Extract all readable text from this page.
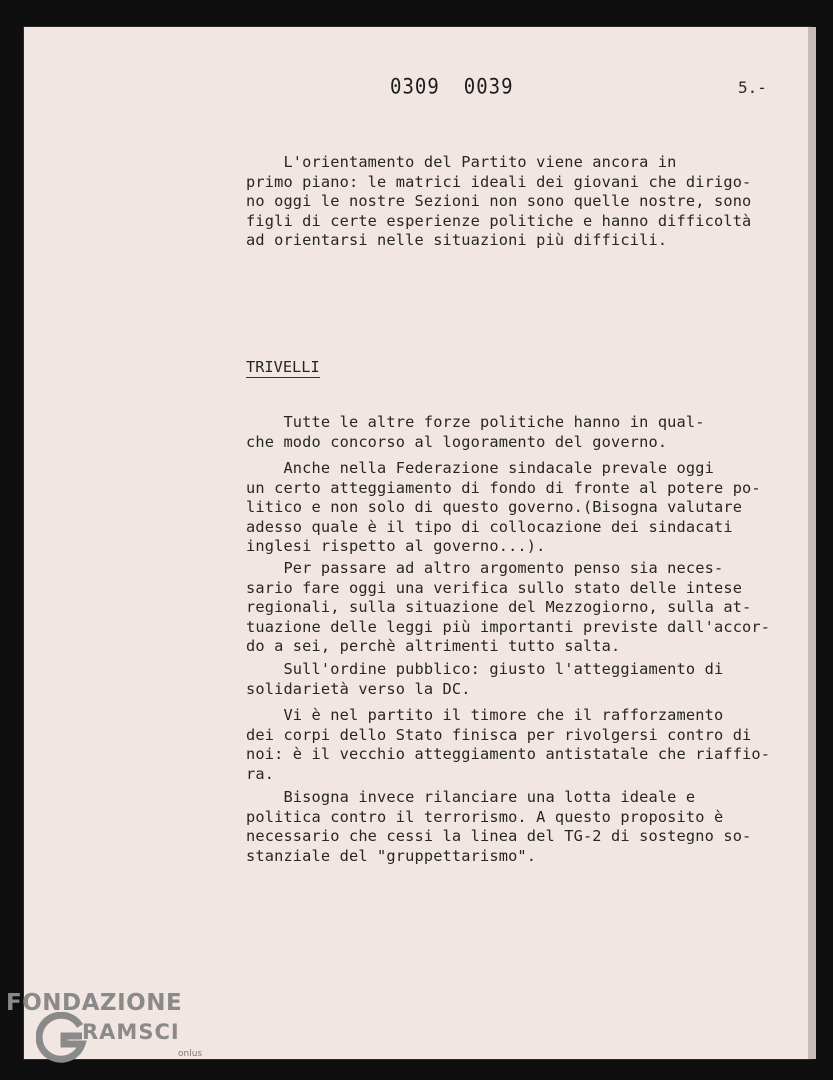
0309 0039	5.-
L'orientamento del Partito viene ancora in
primo piano: le matrici ideali dei giovani che dirigo-
no oggi le nostre Sezioni non sono quelle nostre, sono
figli di certe esperienze politiche e hanno difficoltà
ad orientarsi nelle situazioni più difficili.
TRIVELLI
Tutte le altre forze politiche hanno in qual-
che modo concorso al logoramento del governo.
Anche nella Federazione sindacale prevale oggi
un certo atteggiamento di fondo di fronte al potere po-
litico e non solo di questo governo.(Bisogna valutare
adesso quale è il tipo di collocazione dei sindacati
inglesi rispetto al governo...).
Per passare ad altro argomento penso sia neces-
sario fare oggi una verifica sullo stato delle intese
regionali, sulla situazione del Mezzogiorno, sulla at-
tuazione delle leggi più importanti previste dall'accor-
do a sei, perchè altrimenti tutto salta.
Sull'ordine pubblico: giusto l'atteggiamento di
solidarietà verso la DC.
Vi è nel partito il timore che il rafforzamento
dei corpi dello Stato finisca per rivolgersi contro di
noi: è il vecchio atteggiamento antistatale che riaffio-
ra.
Bisogna invece rilanciare una lotta ideale e
politica contro il terrorismo. A questo proposito è
necessario che cessi la linea del TG-2 di sostegno so-
stanziale del "gruppettarismo".
FONDAZIONE
RAMSCI
onlus
